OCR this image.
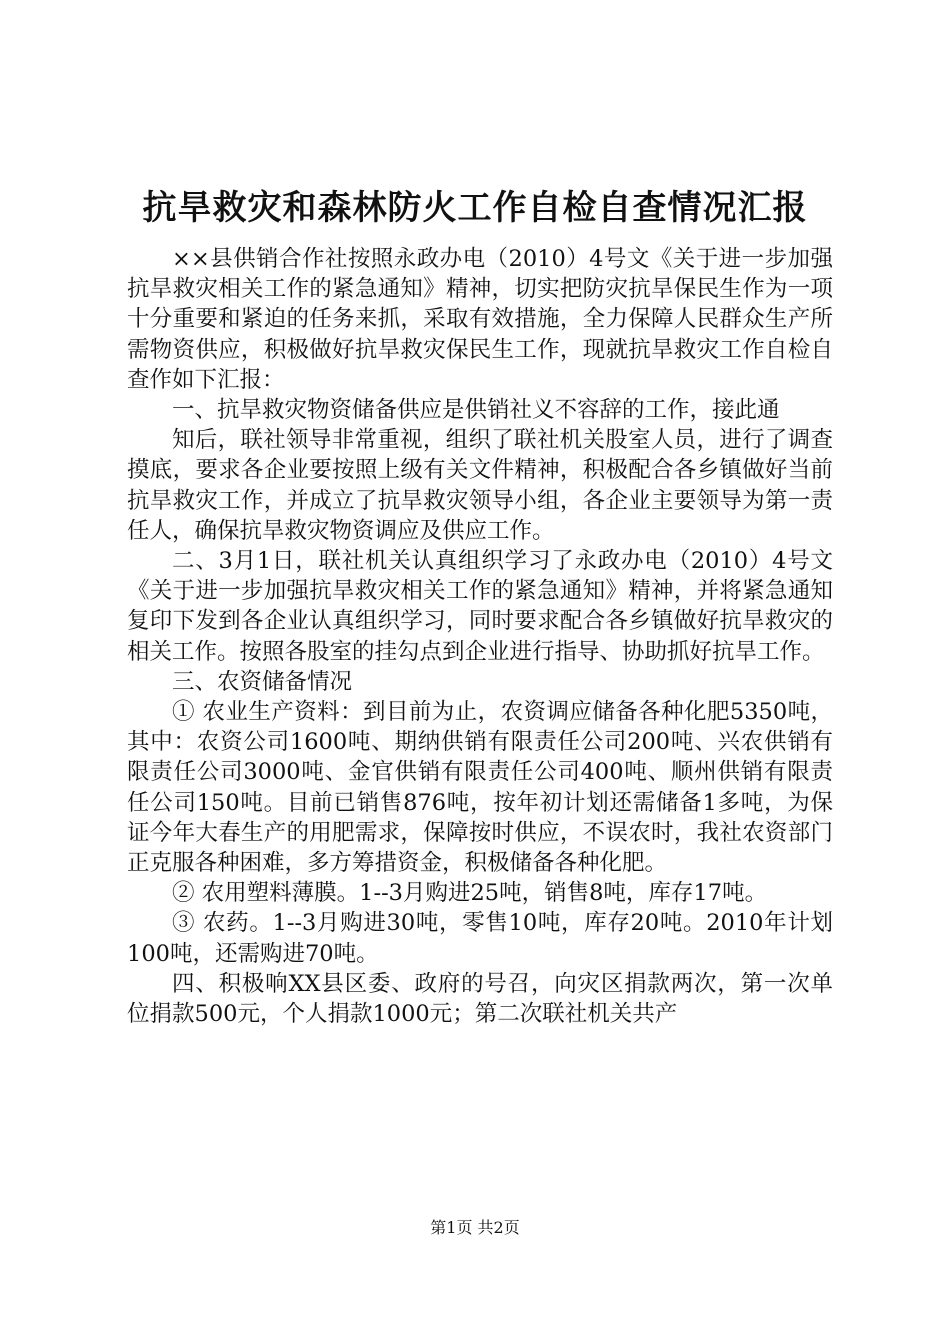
抗旱救灾和森林防火工作自检自查情况汇报

××县供销合作社按照永政办电（2010）4号文《关于进一步加强抗旱救灾相关工作的紧急通知》精神，切实把防灾抗旱保民生作为一项十分重要和紧迫的任务来抓，采取有效措施，全力保障人民群众生产所需物资供应，积极做好抗旱救灾保民生工作，现就抗旱救灾工作自检自查作如下汇报：

一、抗旱救灾物资储备供应是供销社义不容辞的工作，接此通

知后，联社领导非常重视，组织了联社机关股室人员，进行了调查摸底，要求各企业要按照上级有关文件精神，积极配合各乡镇做好当前抗旱救灾工作，并成立了抗旱救灾领导小组，各企业主要领导为第一责任人，确保抗旱救灾物资调应及供应工作。

二、3月1日，联社机关认真组织学习了永政办电（2010）4号文《关于进一步加强抗旱救灾相关工作的紧急通知》精神，并将紧急通知复印下发到各企业认真组织学习，同时要求配合各乡镇做好抗旱救灾的相关工作。按照各股室的挂勾点到企业进行指导、协助抓好抗旱工作。

三、农资储备情况

① 农业生产资料：到目前为止，农资调应储备各种化肥5350吨，其中：农资公司1600吨、期纳供销有限责任公司200吨、兴农供销有限责任公司3000吨、金官供销有限责任公司400吨、顺州供销有限责任公司150吨。目前已销售876吨，按年初计划还需储备1多吨，为保证今年大春生产的用肥需求，保障按时供应，不误农时，我社农资部门正克服各种困难，多方筹措资金，积极储备各种化肥。

② 农用塑料薄膜。1--3月购进25吨，销售8吨，库存17吨。

③ 农药。1--3月购进30吨，零售10吨，库存20吨。2010年计划100吨，还需购进70吨。

四、积极响XX县区委、政府的号召，向灾区捐款两次，第一次单位捐款500元，个人捐款1000元；第二次联社机关共产

第1页 共2页
